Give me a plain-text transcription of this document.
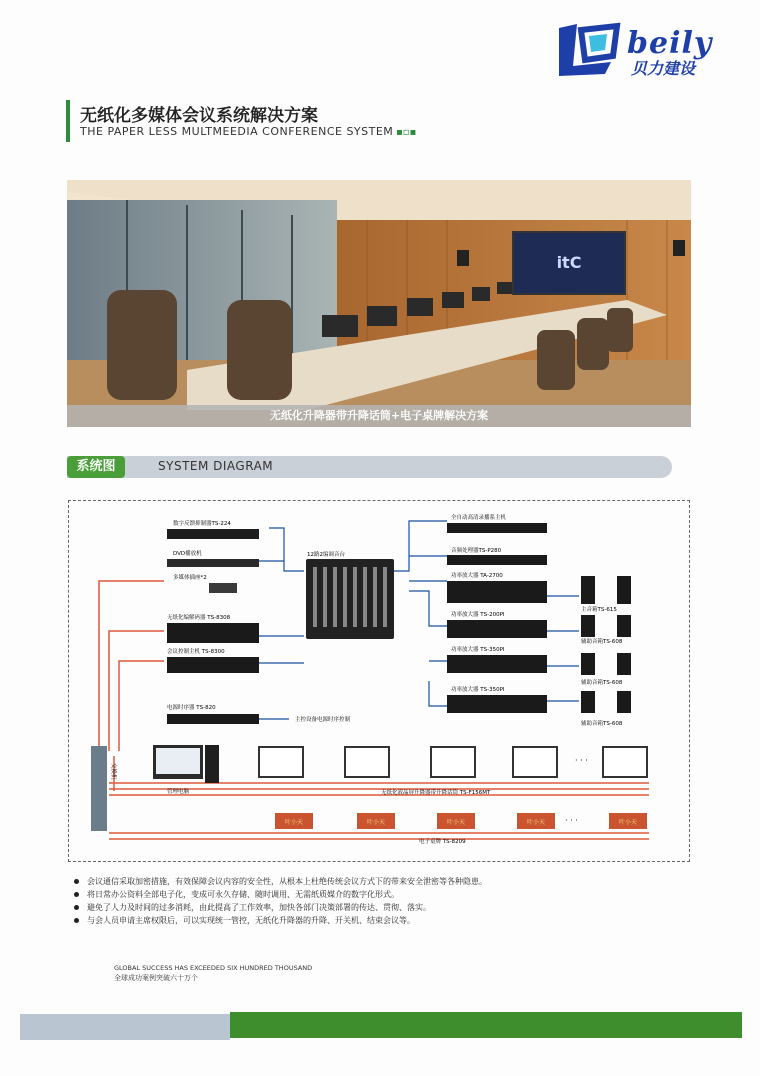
beily
贝力建设
无纸化多媒体会议系统解决方案
THE PAPER LESS MULTMEEDIA CONFERENCE SYSTEM ▪▫▪
itC
无纸化升降器带升降话筒+电子桌牌解决方案
系统图	SYSTEM DIAGRAM
数字反馈抑制器TS-224
DVD播放机
多媒体插座*2
无纸化编解码器 TS-8308
会议控制主机 TS-8300
电源时序器 TS-820
主控设备电源时序控制
12路2编调音台
全自动高清录播系主机
音频处理器TS-P280
功率放大器 TA-2700
功率放大器 TS-200PI
功率放大器 TS-350PI
功率放大器 TS-350PI
主音箱TS-615
辅助音箱TS-608
辅助音箱TS-608
辅助音箱TS-608
交换机
管理电脑
· · ·
无纸化液晶屏升降器带升降话筒 TS-F156MT
叶小天	叶小天	叶小天	叶小天	叶小天
· · ·
电子桌牌 TS-8209
会议通信采取加密措施，有效保障会议内容的安全性，从根本上杜绝传统会议方式下的带来安全泄密等各种隐患。
将日常办公资料全部电子化，变成可永久存储、随时调用、无需纸质媒介的数字化形式。
避免了人力及时间的过多消耗，由此提高了工作效率，加快各部门决策部署的传达、贯彻、落实。
与会人员申请主席权限后，可以实现统一管控，无纸化升降器的升降、开关机、结束会议等。
GLOBAL SUCCESS HAS EXCEEDED SIX HUNDRED THOUSAND
全球成功案例突破六十万个
